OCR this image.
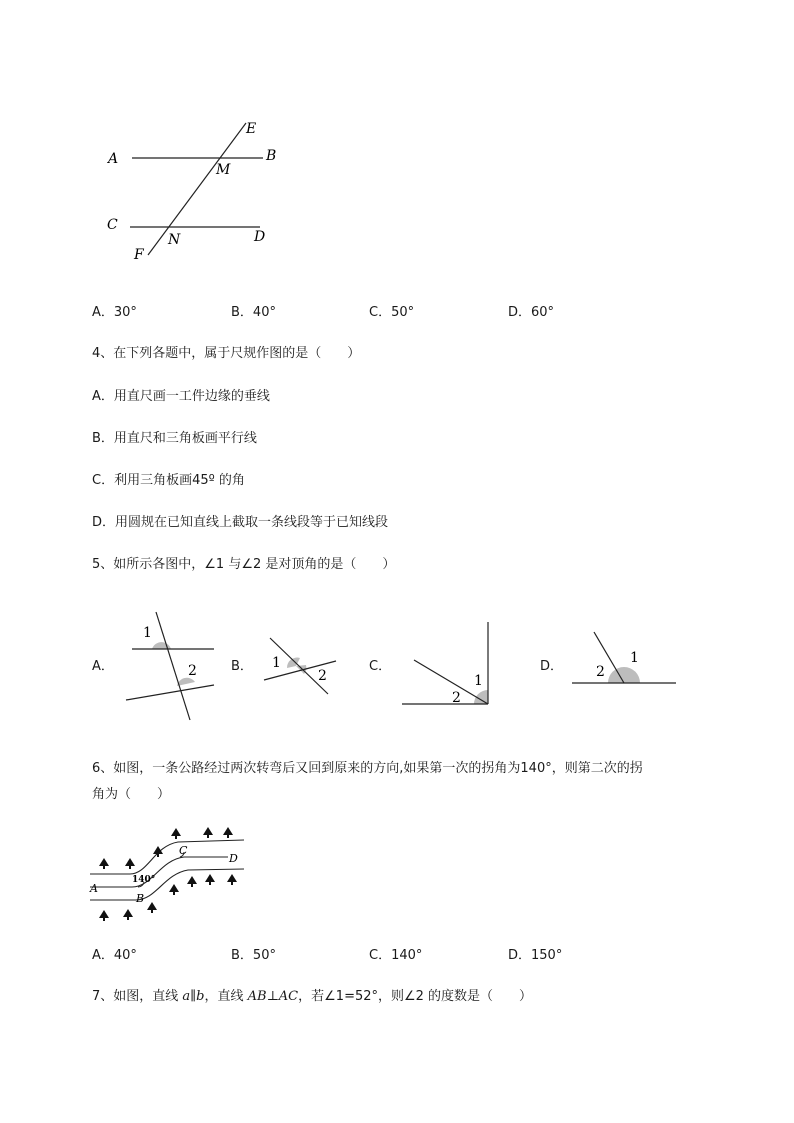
A	B
E
M
C
N	D
F
A．30°	B．40°	C．50°	D．60°
4、在下列各题中，属于尺规作图的是（　　）
A．用直尺画一工件边缘的垂线
B．用直尺和三角板画平行线
C．利用三角板画45º 的角
D．用圆规在已知直线上截取一条线段等于已知线段
5、如所示各图中，∠1 与∠2 是对顶角的是（　　）
A．
1
2	B． 1
2
C．
1
2
D．
1
2
6、如图，一条公路经过两次转弯后又回到原来的方向,如果第一次的拐角为140°，则第二次的拐
角为（　　）
A
B
C
D
140°
A．40°	B．50°	C．140°	D．150°
7、如图，直线 a∥b，直线 AB⊥AC，若∠1=52°，则∠2 的度数是（　　）
